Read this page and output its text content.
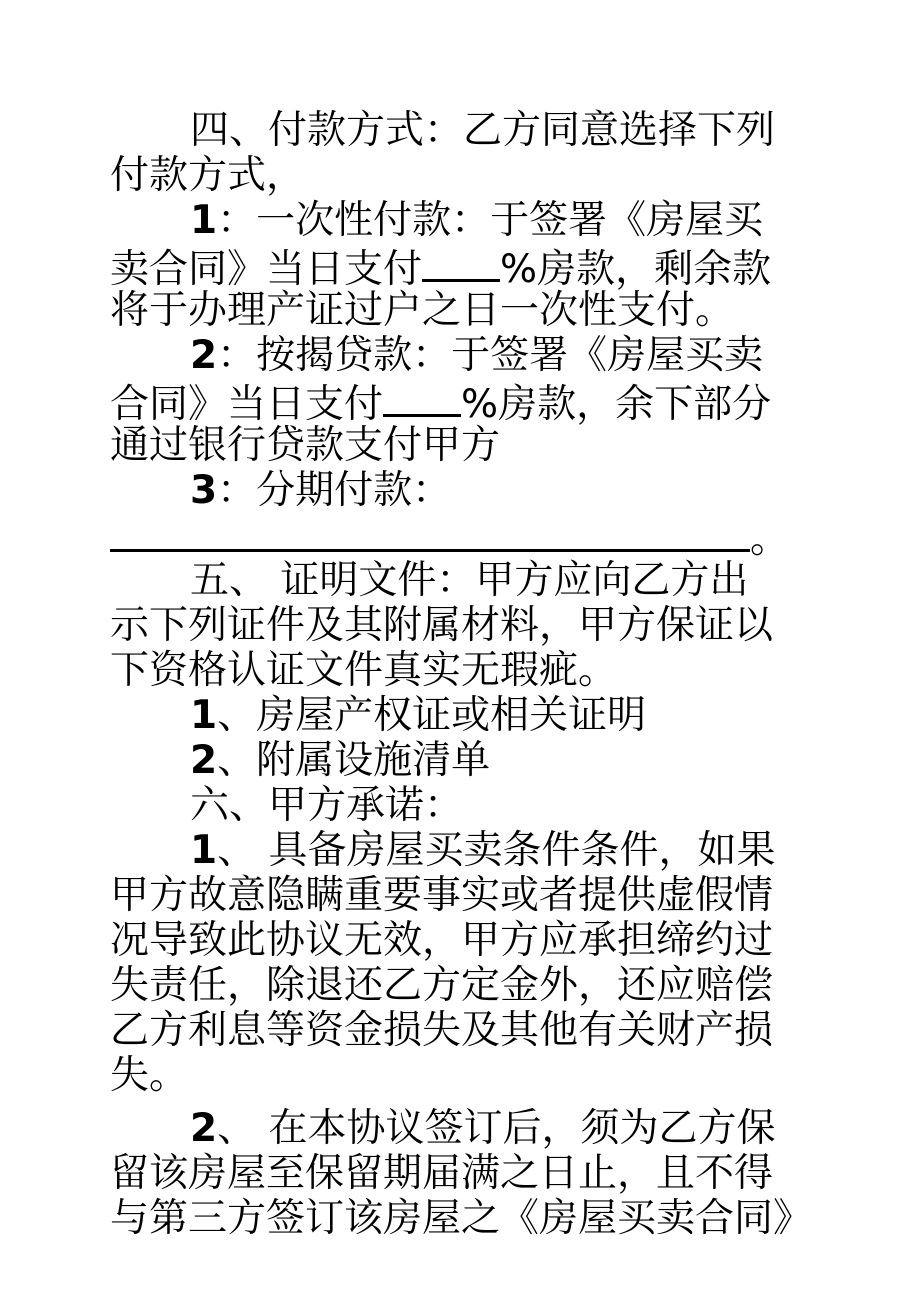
四、付款方式：乙方同意选择下列
付款方式，
1：一次性付款：于签署《房屋买
卖合同》当日支付 %房款，剩余款
将于办理产证过户之日一次性支付。
2：按揭贷款：于签署《房屋买卖
合同》当日支付 %房款，余下部分
通过银行贷款支付甲方
3：分期付款：
。
五、 证明文件：甲方应向乙方出
示下列证件及其附属材料，甲方保证以
下资格认证文件真实无瑕疵。
1、房屋产权证或相关证明
2、附属设施清单
六、甲方承诺：
1、 具备房屋买卖条件条件，如果
甲方故意隐瞒重要事实或者提供虚假情
况导致此协议无效，甲方应承担缔约过
失责任，除退还乙方定金外，还应赔偿
乙方利息等资金损失及其他有关财产损
失。
2、 在本协议签订后，须为乙方保
留该房屋至保留期届满之日止，且不得
与第三方签订该房屋之《房屋买卖合同》
